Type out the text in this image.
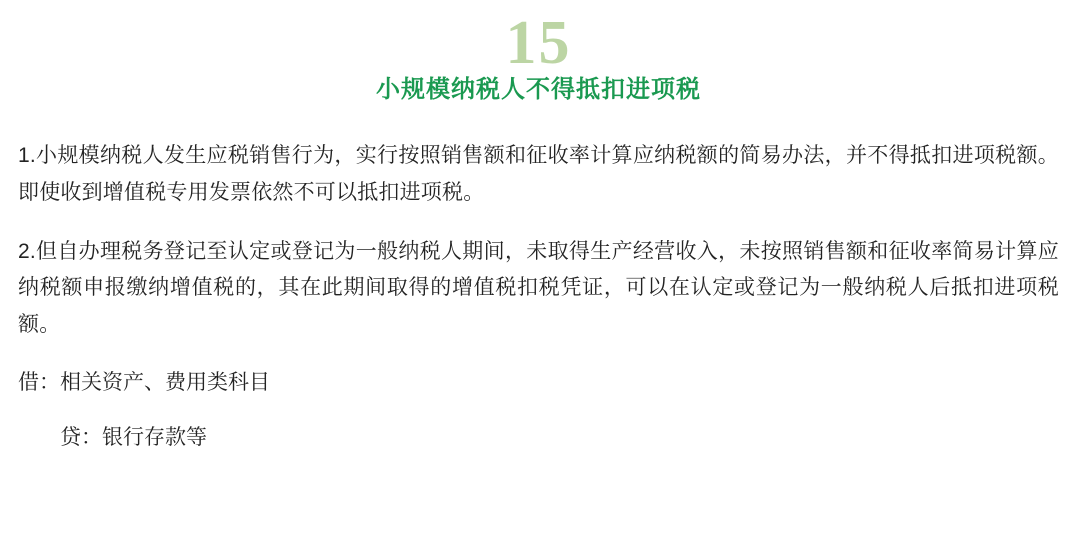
15
小规模纳税人不得抵扣进项税

1.小规模纳税人发生应税销售行为，实行按照销售额和征收率计算应纳税额的简易办法，并不得抵扣进项税额。即使收到增值税专用发票依然不可以抵扣进项税。

2.但自办理税务登记至认定或登记为一般纳税人期间，未取得生产经营收入，未按照销售额和征收率简易计算应纳税额申报缴纳增值税的，其在此期间取得的增值税扣税凭证，可以在认定或登记为一般纳税人后抵扣进项税额。

借：相关资产、费用类科目

贷：银行存款等
